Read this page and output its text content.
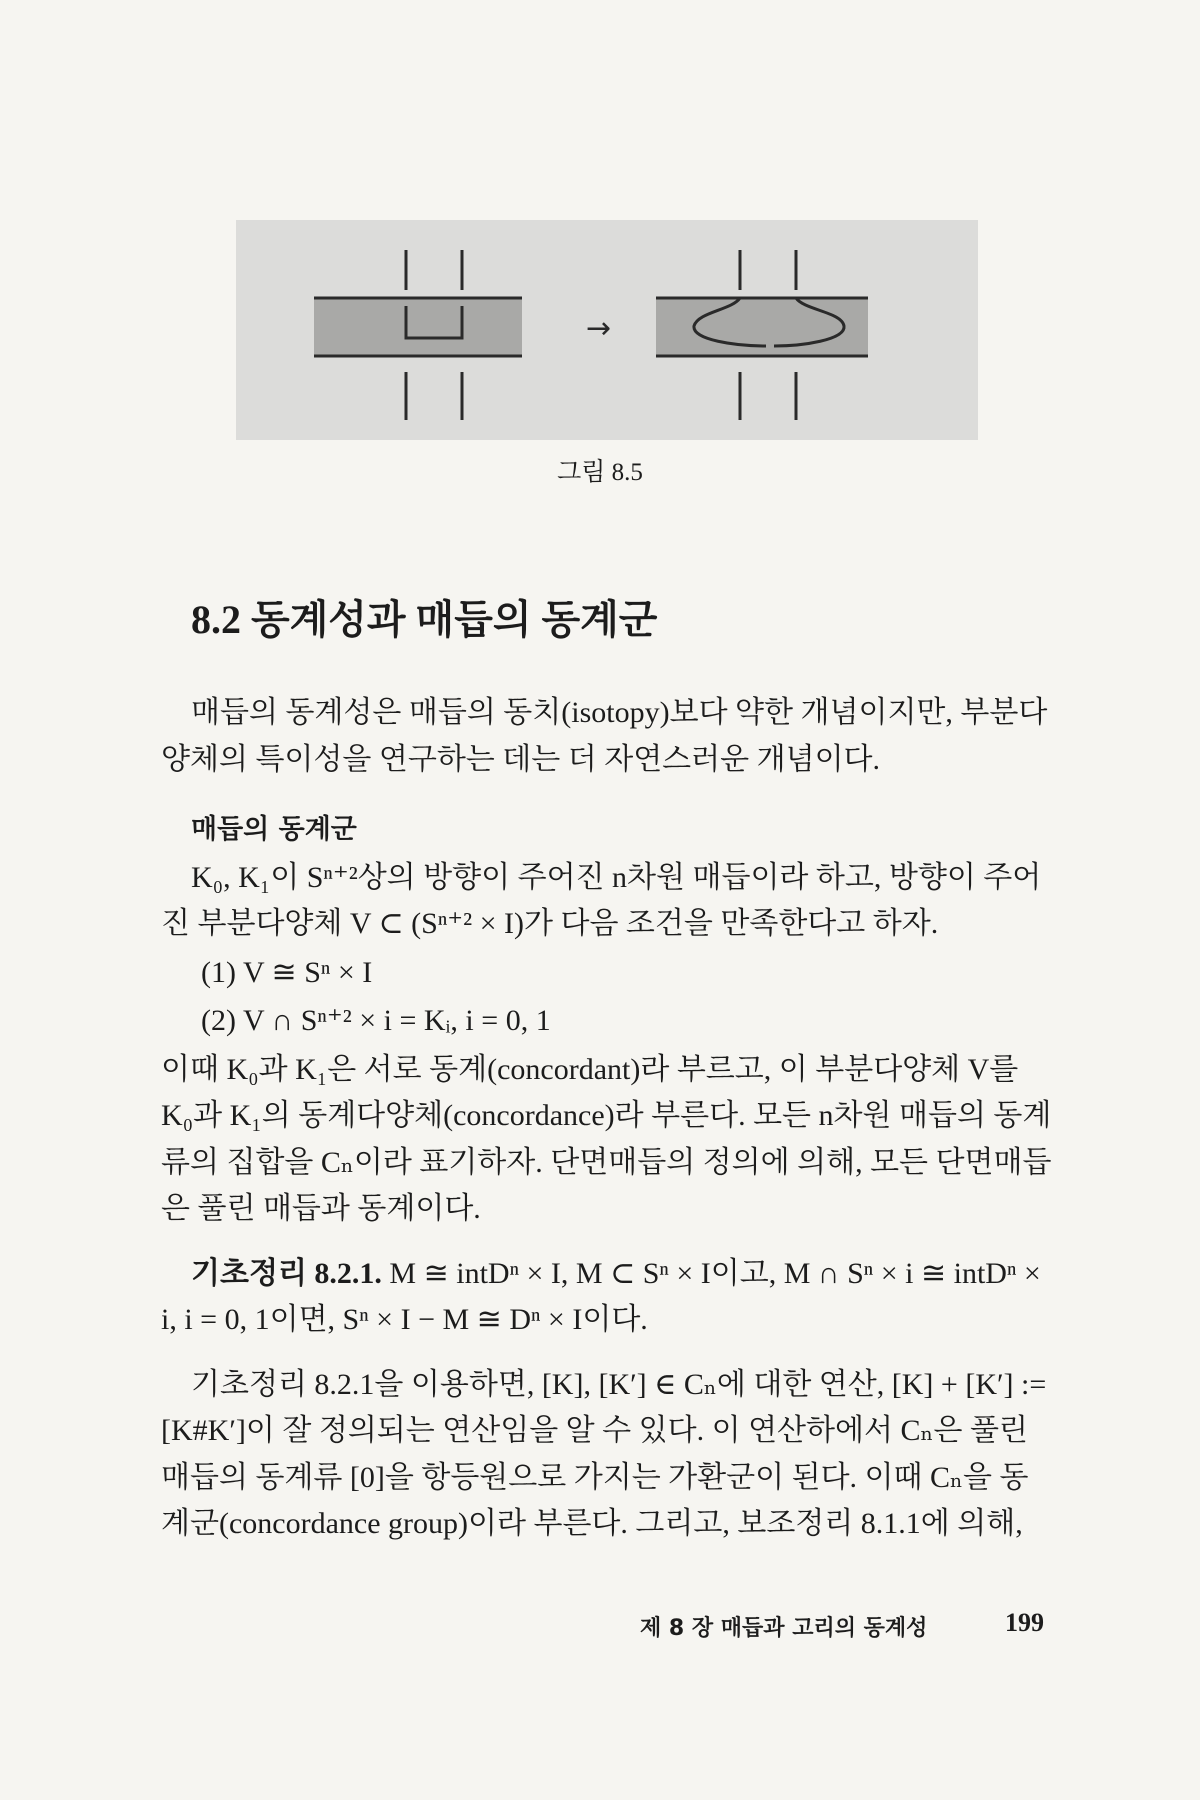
→
그림 8.5
8.2 동계성과 매듭의 동계군

매듭의 동계성은 매듭의 동치(isotopy)보다 약한 개념이지만, 부분다양체의 특이성을 연구하는 데는 더 자연스러운 개념이다.

매듭의 동계군

K₀, K₁이 Sⁿ⁺²상의 방향이 주어진 n차원 매듭이라 하고, 방향이 주어진 부분다양체 V ⊂ (Sⁿ⁺² × I)가 다음 조건을 만족한다고 하자.

(1) V ≅ Sⁿ × I

(2) V ∩ Sⁿ⁺² × i = Kᵢ, i = 0, 1

이때 K₀과 K₁은 서로 동계(concordant)라 부르고, 이 부분다양체 V를 K₀과 K₁의 동계다양체(concordance)라 부른다. 모든 n차원 매듭의 동계류의 집합을 Cₙ이라 표기하자. 단면매듭의 정의에 의해, 모든 단면매듭은 풀린 매듭과 동계이다.

기초정리 8.2.1. M ≅ intDⁿ × I, M ⊂ Sⁿ × I이고, M ∩ Sⁿ × i ≅ intDⁿ × i, i = 0, 1이면, Sⁿ × I − M ≅ Dⁿ × I이다.

기초정리 8.2.1을 이용하면, [K], [K′] ∈ Cₙ에 대한 연산, [K] + [K′] := [K#K′]이 잘 정의되는 연산임을 알 수 있다. 이 연산하에서 Cₙ은 풀린 매듭의 동계류 [0]을 항등원으로 가지는 가환군이 된다. 이때 Cₙ을 동계군(concordance group)이라 부른다. 그리고, 보조정리 8.1.1에 의해,

제 8 장 매듭과 고리의 동계성	199
